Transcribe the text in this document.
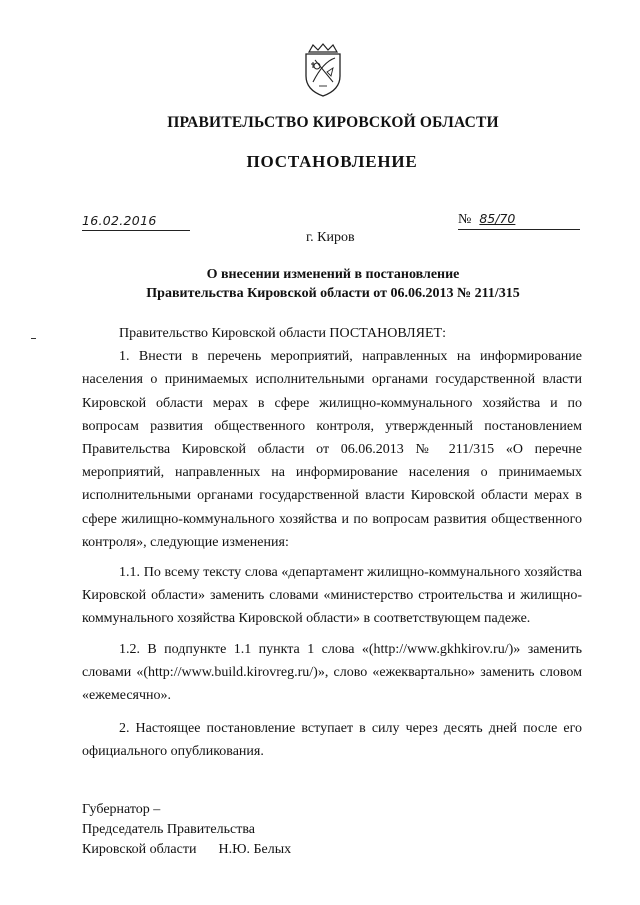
ПРАВИТЕЛЬСТВО КИРОВСКОЙ ОБЛАСТИ
ПОСТАНОВЛЕНИЕ
16.02.2016	№ 85/70
г. Киров
О внесении изменений в постановление
Правительства Кировской области от 06.06.2013 № 211/315

Правительство Кировской области ПОСТАНОВЛЯЕТ:

1. Внести в перечень мероприятий, направленных на информирование населения о принимаемых исполнительными органами государственной власти Кировской области мерах в сфере жилищно-коммунального хозяйства и по вопросам развития общественного контроля, утвержденный постановлением Правительства Кировской области от 06.06.2013 № 211/315 «О перечне мероприятий, направленных на информирование населения о принимаемых исполнительными органами государственной власти Кировской области мерах в сфере жилищно-коммунального хозяйства и по вопросам развития общественного контроля», следующие изменения:

1.1. По всему тексту слова «департамент жилищно-коммунального хозяйства Кировской области» заменить словами «министерство строительства и жилищно-коммунального хозяйства Кировской области» в соответствующем падеже.

1.2. В подпункте 1.1 пункта 1 слова «(http://www.gkhkirov.ru/)» заменить словами «(http://www.build.kirovreg.ru/)», слово «ежеквартально» заменить словом «ежемесячно».

2. Настоящее постановление вступает в силу через десять дней после его официального опубликования.

Губернатор –
Председатель Правительства
Кировской области Н.Ю. Белых
